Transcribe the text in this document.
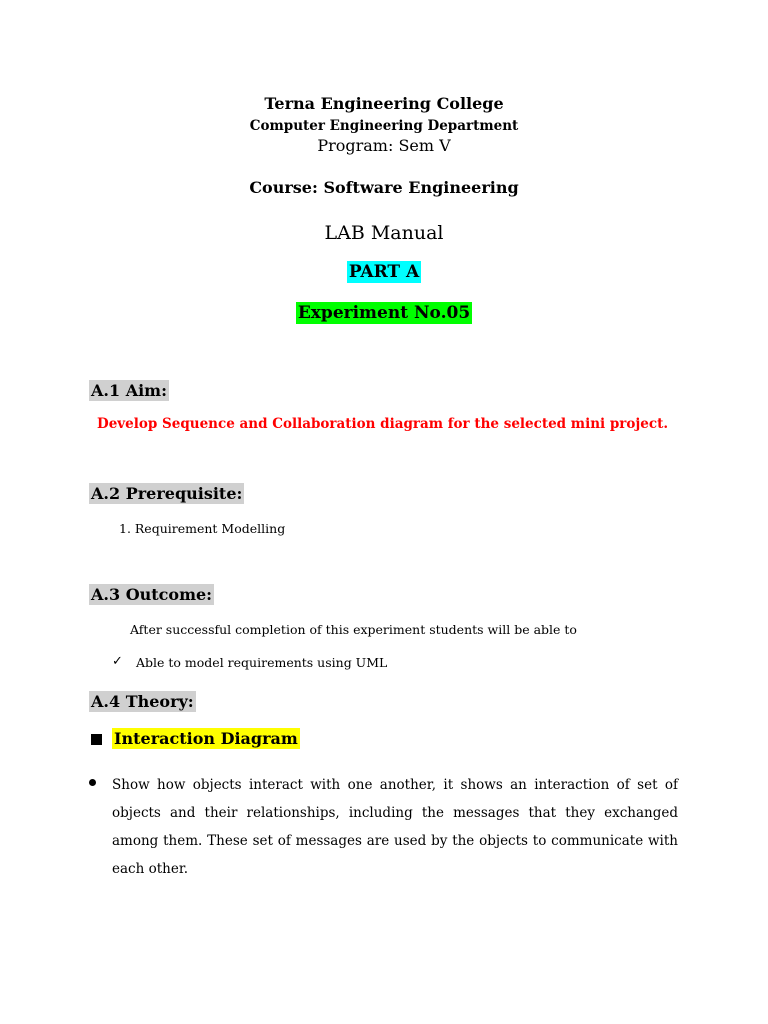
Terna Engineering College
Computer Engineering Department
Program: Sem V
Course: Software Engineering
LAB Manual
PART A
Experiment No.05
A.1 Aim:
Develop Sequence and Collaboration diagram for the selected mini project.
A.2 Prerequisite:
1. Requirement Modelling
A.3 Outcome:
After successful completion of this experiment students will be able to
✓ Able to model requirements using UML
A.4 Theory:
Interaction Diagram
Show how objects interact with one another, it shows an interaction of set of objects and their relationships, including the messages that they exchanged among them. These set of messages are used by the objects to communicate with each other.
